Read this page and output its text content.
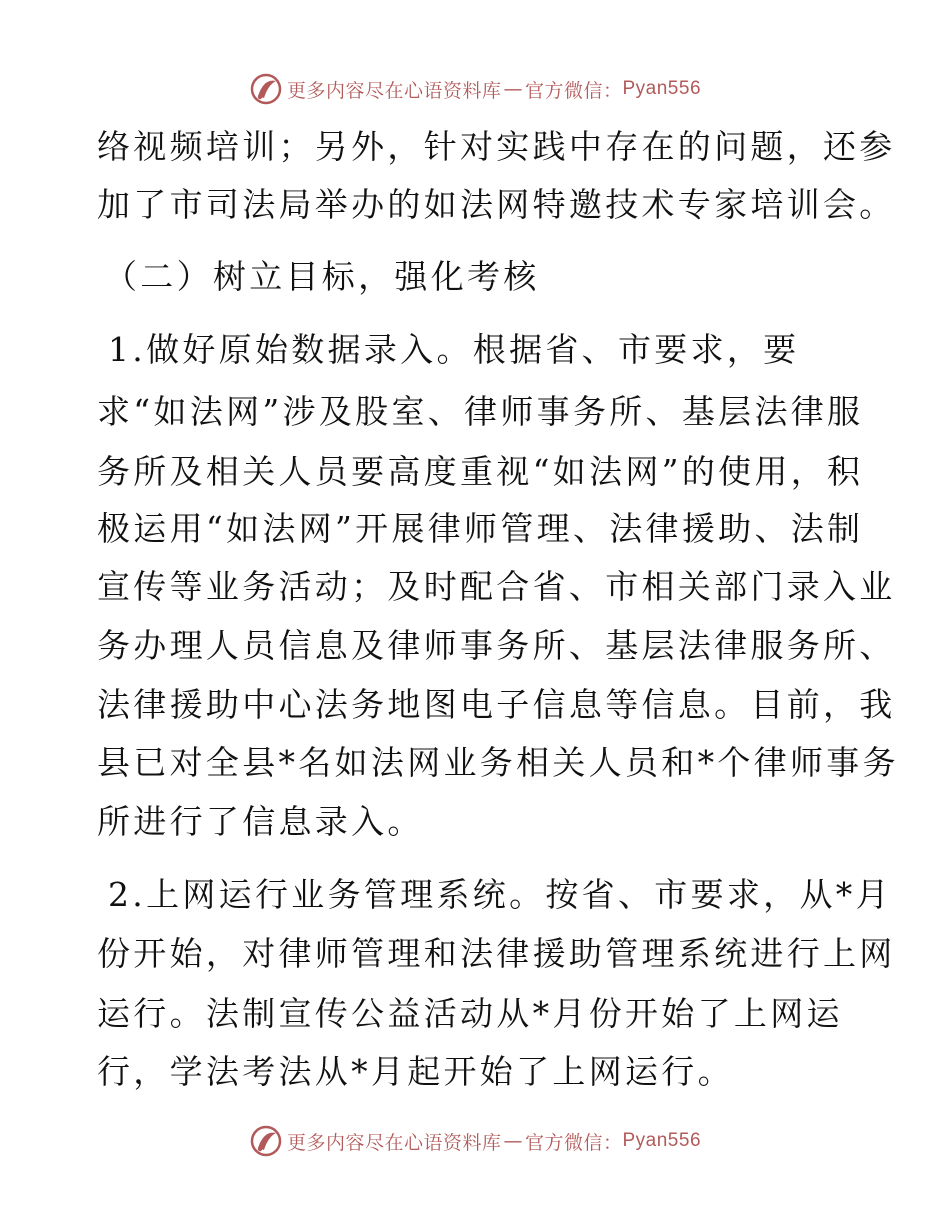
更多内容尽在心语资料库 — 官方微信： Pyan556
络视频培训；另外，针对实践中存在的问题，还参
加了市司法局举办的如法网特邀技术专家培训会。
（二）树立目标，强化考核
1.做好原始数据录入。根据省、市要求，要
求“如法网”涉及股室、律师事务所、基层法律服
务所及相关人员要高度重视“如法网”的使用，积
极运用“如法网”开展律师管理、法律援助、法制
宣传等业务活动；及时配合省、市相关部门录入业
务办理人员信息及律师事务所、基层法律服务所、
法律援助中心法务地图电子信息等信息。目前，我
县已对全县*名如法网业务相关人员和*个律师事务
所进行了信息录入。
2.上网运行业务管理系统。按省、市要求，从*月
份开始，对律师管理和法律援助管理系统进行上网
运行。法制宣传公益活动从*月份开始了上网运
行，学法考法从*月起开始了上网运行。
更多内容尽在心语资料库 — 官方微信： Pyan556
